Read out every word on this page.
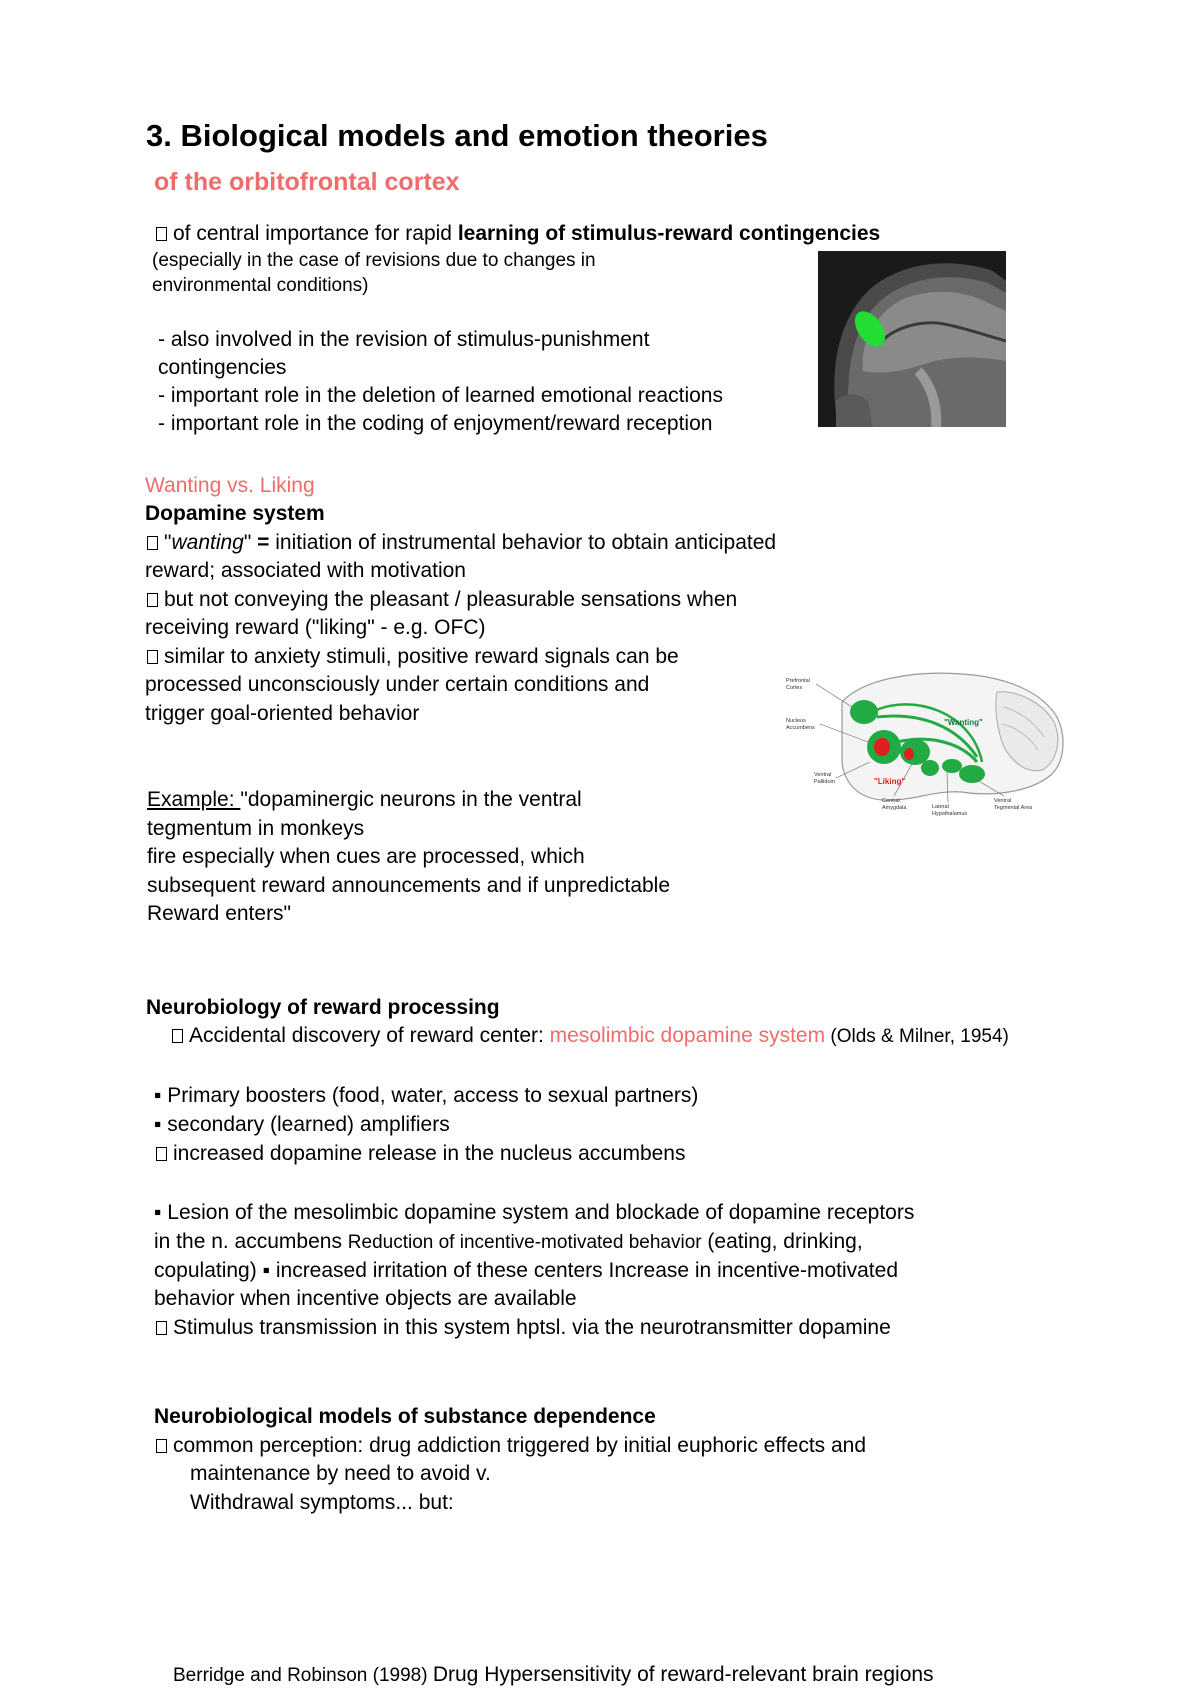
3. Biological models and emotion theories
of the orbitofrontal cortex
of central importance for rapid learning of stimulus-reward contingencies
(especially in the case of revisions due to changes in
environmental conditions)
- also involved in the revision of stimulus-punishment
contingencies
- important role in the deletion of learned emotional reactions
- important role in the coding of enjoyment/reward reception
Wanting vs. Liking
Dopamine system
"wanting" = initiation of instrumental behavior to obtain anticipated
reward; associated with motivation
but not conveying the pleasant / pleasurable sensations when
receiving reward ("liking" - e.g. OFC)
similar to anxiety stimuli, positive reward signals can be
processed unconsciously under certain conditions and
trigger goal-oriented behavior
Example: "dopaminergic neurons in the ventral
tegmentum in monkeys
fire especially when cues are processed, which
subsequent reward announcements and if unpredictable
Reward enters"
"Wanting"
"Liking"
Prefrontal Cortex
Nucleus Accumbens
Ventral Pallidum
Central Amygdala	Lateral Hypothalamus
Ventral Tegmental Area
Neurobiology of reward processing
Accidental discovery of reward center: mesolimbic dopamine system (Olds & Milner, 1954)
▪ Primary boosters (food, water, access to sexual partners)
▪ secondary (learned) amplifiers
increased dopamine release in the nucleus accumbens
▪ Lesion of the mesolimbic dopamine system and blockade of dopamine receptors
in the n. accumbens Reduction of incentive-motivated behavior (eating, drinking,
copulating) ▪ increased irritation of these centers Increase in incentive-motivated
behavior when incentive objects are available
Stimulus transmission in this system hptsl. via the neurotransmitter dopamine
Neurobiological models of substance dependence
common perception: drug addiction triggered by initial euphoric effects and
maintenance by need to avoid v.
Withdrawal symptoms... but:
Berridge and Robinson (1998) Drug Hypersensitivity of reward-relevant brain regions
